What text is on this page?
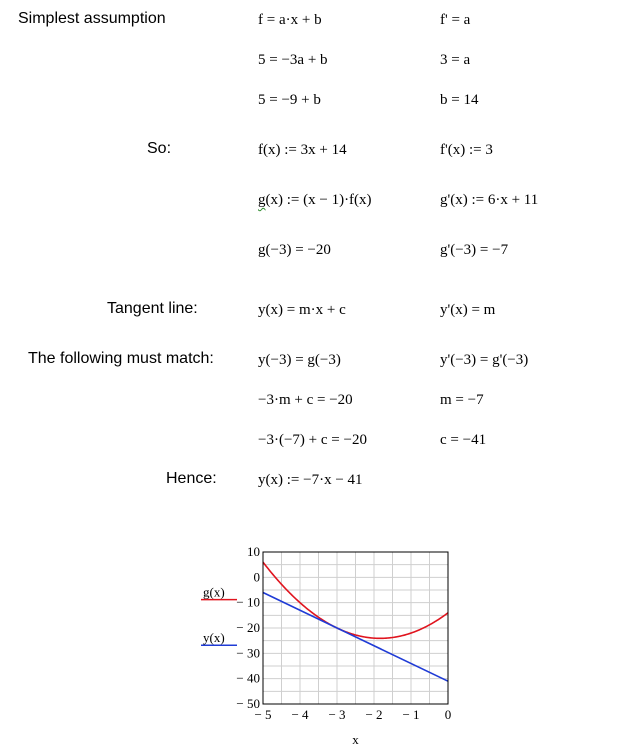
Simplest assumption
So:
Tangent line:
The following must match:
Hence:
f = a·x + b
5 = −3a + b
5 = −9 + b
f(x) := 3x + 14
g(x) := (x − 1)·f(x)
g(−3) = −20
y(x) = m·x + c
y(−3) = g(−3)
−3·m + c = −20
−3·(−7) + c = −20
y(x) := −7·x − 41
f' = a
3 = a
b = 14
f'(x) := 3
g'(x) := 6·x + 11
g'(−3) = −7
y'(x) = m
y'(−3) = g'(−3)
m = −7
c = −41
− 5 − 4 − 3 − 2 − 1 0
10
0
− 10
− 20
− 30
− 40
− 50
x
g(x)
y(x)
